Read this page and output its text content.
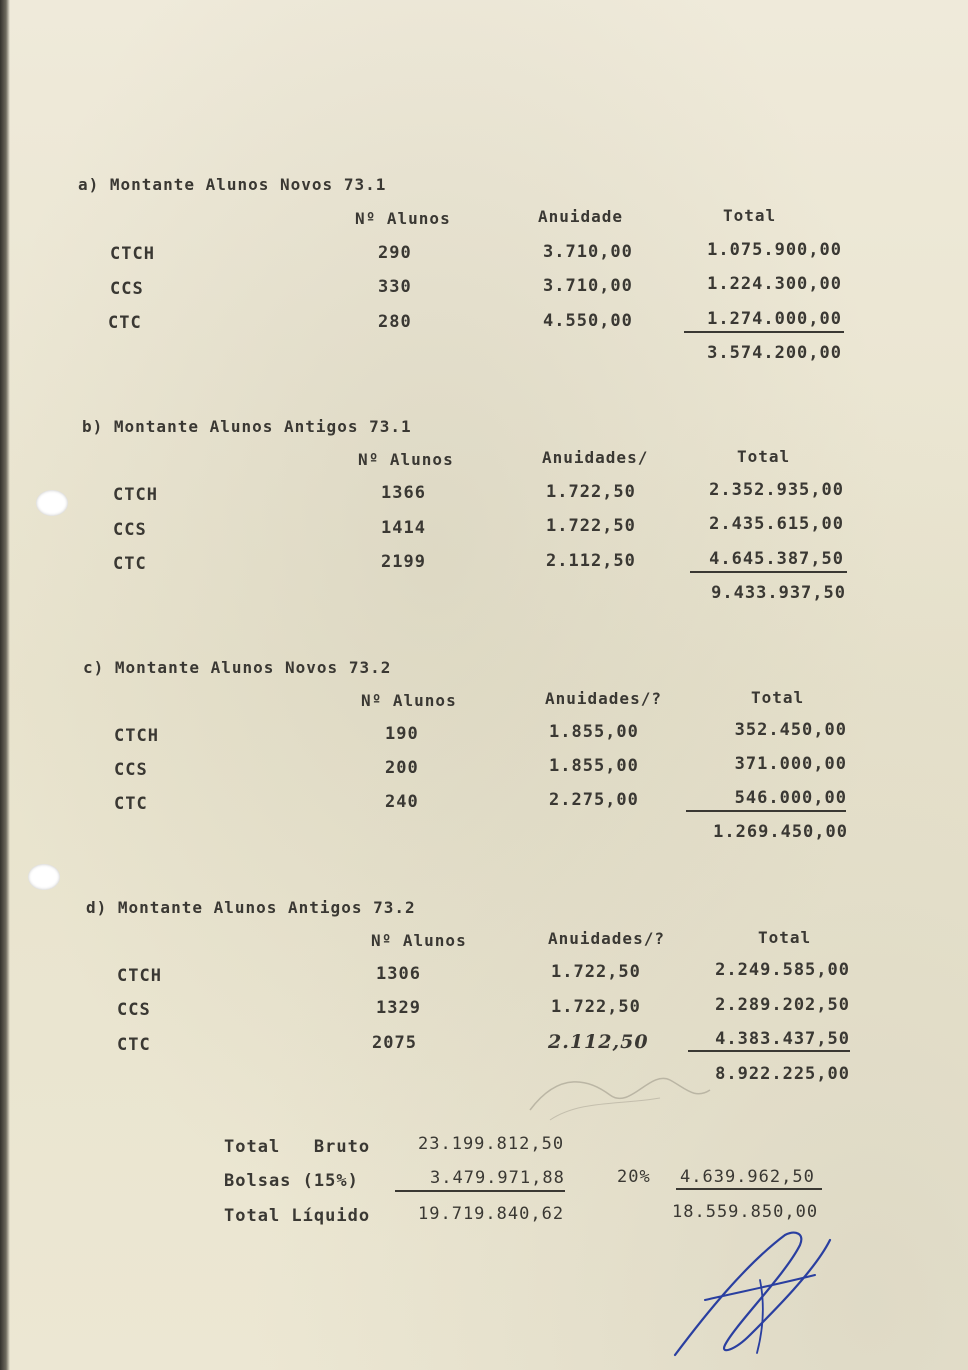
a) Montante Alunos Novos 73.1
Nº Alunos	Anuidade	Total
CTCH	290	3.710,00	1.075.900,00
CCS	330	3.710,00	1.224.300,00
CTC	280	4.550,00	1.274.000,00
3.574.200,00
b) Montante Alunos Antigos 73.1
Nº Alunos	Anuidades/	Total
CTCH	1366	1.722,50	2.352.935,00
CCS	1414	1.722,50	2.435.615,00
CTC	2199	2.112,50	4.645.387,50
9.433.937,50
c) Montante Alunos Novos 73.2
Nº Alunos	Anuidades/?	Total
CTCH	190	1.855,00	352.450,00
CCS	200	1.855,00	371.000,00
CTC	240	2.275,00	546.000,00
1.269.450,00
d) Montante Alunos Antigos 73.2
Nº Alunos	Anuidades/?	Total
CTCH	1306	1.722,50	2.249.585,00
CCS	1329	1.722,50	2.289.202,50
CTC	2075	2.112,50	4.383.437,50
8.922.225,00
Total   Bruto	23.199.812,50
Bolsas (15%)	3.479.971,88	20% 4.639.962,50
Total Líquido	19.719.840,62	18.559.850,00
